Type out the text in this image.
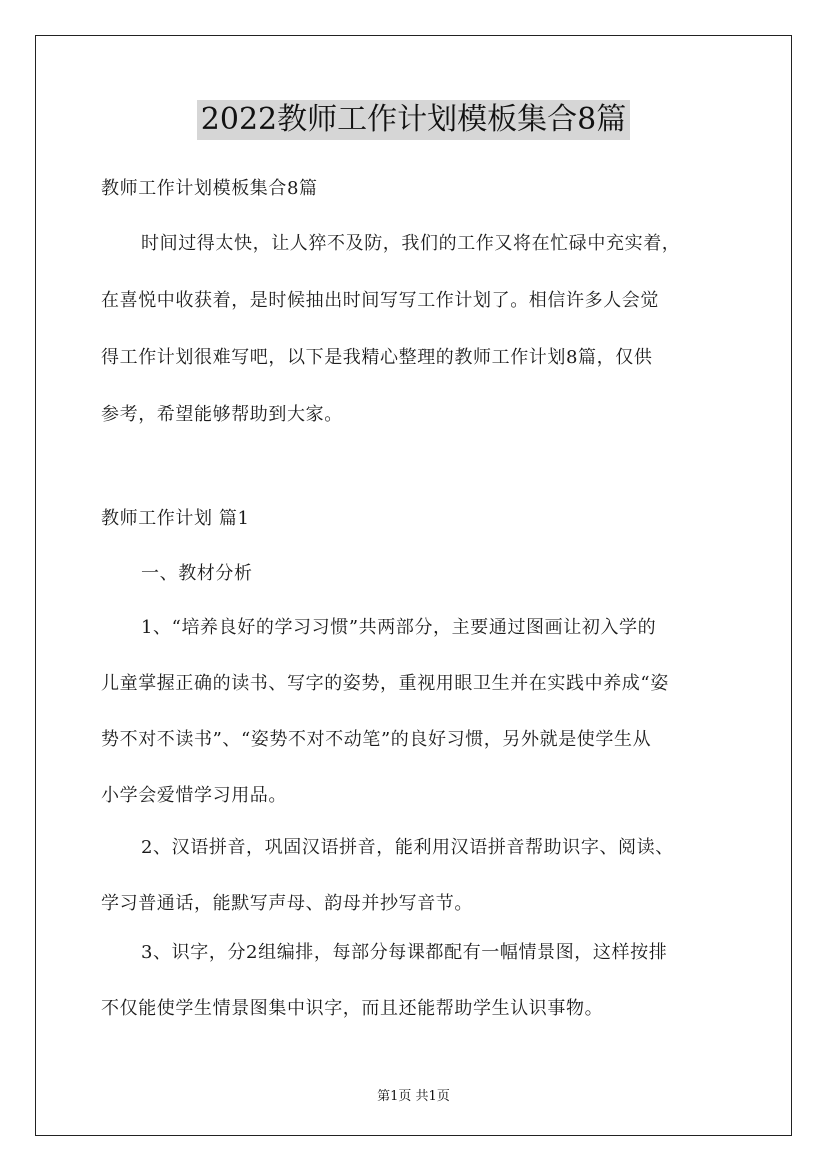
2022教师工作计划模板集合8篇

教师工作计划模板集合8篇

时间过得太快，让人猝不及防，我们的工作又将在忙碌中充实着，

在喜悦中收获着，是时候抽出时间写写工作计划了。相信许多人会觉

得工作计划很难写吧，以下是我精心整理的教师工作计划8篇，仅供

参考，希望能够帮助到大家。

教师工作计划 篇1

一、教材分析

1、“培养良好的学习习惯”共两部分，主要通过图画让初入学的

儿童掌握正确的读书、写字的姿势，重视用眼卫生并在实践中养成“姿

势不对不读书”、“姿势不对不动笔”的良好习惯，另外就是使学生从

小学会爱惜学习用品。

2、汉语拼音，巩固汉语拼音，能利用汉语拼音帮助识字、阅读、

学习普通话，能默写声母、韵母并抄写音节。

3、识字，分2组编排，每部分每课都配有一幅情景图，这样按排

不仅能使学生情景图集中识字，而且还能帮助学生认识事物。

第1页 共1页
